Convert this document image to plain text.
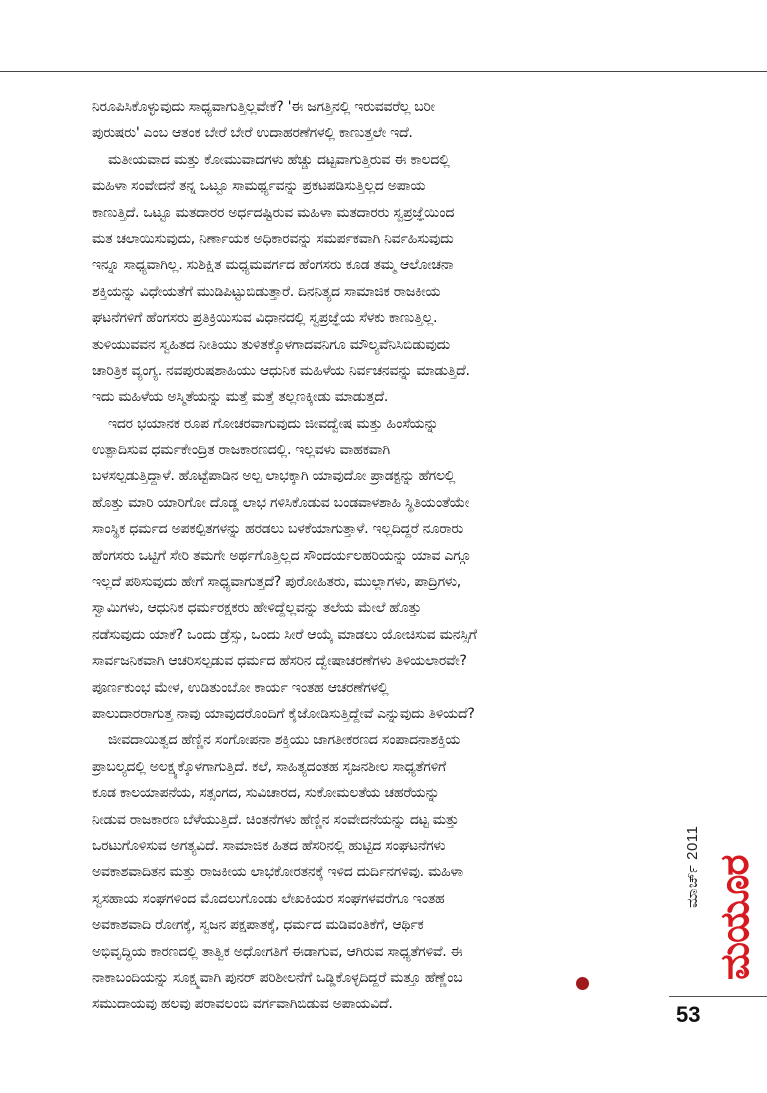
ನಿರೂಪಿಸಿಕೊಳ್ಳುವುದು ಸಾಧ್ಯವಾಗುತ್ತಿಲ್ಲವೇಕೆ? 'ಈ ಜಗತ್ತಿನಲ್ಲಿ ಇರುವವರೆಲ್ಲ ಬರೀ
ಪುರುಷರು' ಎಂಬ ಆತಂಕ ಬೇರೆ ಬೇರೆ ಉದಾಹರಣೆಗಳಲ್ಲಿ ಕಾಣುತ್ತಲೇ ಇದೆ.
ಮತೀಯವಾದ ಮತ್ತು ಕೋಮುವಾದಗಳು ಹೆಚ್ಚು ದಟ್ಟವಾಗುತ್ತಿರುವ ಈ ಕಾಲದಲ್ಲಿ
ಮಹಿಳಾ ಸಂವೇದನೆ ತನ್ನ ಒಟ್ಟೂ ಸಾಮರ್ಥ್ಯವನ್ನು ಪ್ರಕಟಪಡಿಸುತ್ತಿಲ್ಲದ ಅಪಾಯ
ಕಾಣುತ್ತಿದೆ. ಒಟ್ಟೂ ಮತದಾರರ ಅರ್ಧದಷ್ಟಿರುವ ಮಹಿಳಾ ಮತದಾರರು ಸ್ವಪ್ರಜ್ಞೆಯಿಂದ
ಮತ ಚಲಾಯಿಸುವುದು, ನಿರ್ಣಾಯಕ ಅಧಿಕಾರವನ್ನು ಸಮರ್ಪಕವಾಗಿ ನಿರ್ವಹಿಸುವುದು
ಇನ್ನೂ ಸಾಧ್ಯವಾಗಿಲ್ಲ. ಸುಶಿಕ್ಷಿತ ಮಧ್ಯಮವರ್ಗದ ಹೆಂಗಸರು ಕೂಡ ತಮ್ಮ ಆಲೋಚನಾ
ಶಕ್ತಿಯನ್ನು ವಿಧೇಯತೆಗೆ ಮುಡಿಪಿಟ್ಟುಬಿಡುತ್ತಾರೆ. ದಿನನಿತ್ಯದ ಸಾಮಾಜಿಕ ರಾಜಕೀಯ
ಘಟನೆಗಳಿಗೆ ಹೆಂಗಸರು ಪ್ರತಿಕ್ರಿಯಿಸುವ ವಿಧಾನದಲ್ಲಿ ಸ್ವಪ್ರಜ್ಞೆಯ ಸೆಳಕು ಕಾಣುತ್ತಿಲ್ಲ.
ತುಳಿಯುವವನ ಸ್ವಹಿತದ ನೀತಿಯು ತುಳಿತಕ್ಕೊಳಗಾದವನಿಗೂ ಮೌಲ್ಯವೆನಿಸಿಬಿಡುವುದು
ಚಾರಿತ್ರಿಕ ವ್ಯಂಗ್ಯ. ನವಪುರುಷಶಾಹಿಯು ಆಧುನಿಕ ಮಹಿಳೆಯ ನಿರ್ವಚನವನ್ನು ಮಾಡುತ್ತಿದೆ.
ಇದು ಮಹಿಳೆಯ ಅಸ್ಮಿತೆಯನ್ನು ಮತ್ತೆ ಮತ್ತೆ ತಲ್ಲಣಕ್ಕೀಡು ಮಾಡುತ್ತದೆ.
ಇದರ ಭಯಾನಕ ರೂಪ ಗೋಚರವಾಗುವುದು ಜೀವದ್ವೇಷ ಮತ್ತು ಹಿಂಸೆಯನ್ನು
ಉತ್ಪಾದಿಸುವ ಧರ್ಮಕೇಂದ್ರಿತ ರಾಜಕಾರಣದಲ್ಲಿ. ಇಲ್ಲವಳು ವಾಹಕವಾಗಿ
ಬಳಸಲ್ಪಡುತ್ತಿದ್ದಾಳೆ. ಹೊಟ್ಟೆಪಾಡಿನ ಅಲ್ಪ ಲಾಭಕ್ಕಾಗಿ ಯಾವುದೋ ಪ್ರಾಡಕ್ಟನ್ನು ಹೆಗಲಲ್ಲಿ
ಹೊತ್ತು ಮಾರಿ ಯಾರಿಗೋ ದೊಡ್ಡ ಲಾಭ ಗಳಿಸಿಕೊಡುವ ಬಂಡವಾಳಶಾಹಿ ಸ್ಥಿತಿಯಂತೆಯೇ
ಸಾಂಸ್ಥಿಕ ಧರ್ಮದ ಅಪಕಲ್ಪಿತಗಳನ್ನು ಹರಡಲು ಬಳಕೆಯಾಗುತ್ತಾಳೆ. ಇಲ್ಲದಿದ್ದರೆ ನೂರಾರು
ಹೆಂಗಸರು ಒಟ್ಟಿಗೆ ಸೇರಿ ತಮಗೇ ಅರ್ಥಗೊತ್ತಿಲ್ಲದ ಸೌಂದರ್ಯಲಹರಿಯನ್ನು ಯಾವ ಎಗ್ಗೂ
ಇಲ್ಲದೆ ಪಠಿಸುವುದು ಹೇಗೆ ಸಾಧ್ಯವಾಗುತ್ತದೆ? ಪುರೋಹಿತರು, ಮುಲ್ಲಾಗಳು, ಪಾದ್ರಿಗಳು,
ಸ್ವಾಮಿಗಳು, ಆಧುನಿಕ ಧರ್ಮರಕ್ಷಕರು ಹೇಳಿದ್ದೆಲ್ಲವನ್ನು ತಲೆಯ ಮೇಲೆ ಹೊತ್ತು
ನಡೆಸುವುದು ಯಾಕೆ? ಒಂದು ಡ್ರೆಸ್ಸು, ಒಂದು ಸೀರೆ ಆಯ್ಕೆ ಮಾಡಲು ಯೋಚಿಸುವ ಮನಸ್ಸಿಗೆ
ಸಾರ್ವಜನಿಕವಾಗಿ ಆಚರಿಸಲ್ಪಡುವ ಧರ್ಮದ ಹೆಸರಿನ ದ್ವೇಷಾಚರಣೆಗಳು ತಿಳಿಯಲಾರವೇ?
ಪೂರ್ಣಕುಂಭ ಮೇಳ, ಉಡಿತುಂಬೋ ಕಾರ್ಯ ಇಂತಹ ಆಚರಣೆಗಳಲ್ಲಿ
ಪಾಲುದಾರರಾಗುತ್ತ ನಾವು ಯಾವುದರೊಂದಿಗೆ ಕೈಜೋಡಿಸುತ್ತಿದ್ದೇವೆ ಎನ್ನುವುದು ತಿಳಿಯದೆ?
ಜೀವದಾಯಿತ್ವದ ಹೆಣ್ಣಿನ ಸಂಗೋಪನಾ ಶಕ್ತಿಯು ಜಾಗತೀಕರಣದ ಸಂಪಾದನಾಶಕ್ತಿಯ
ಪ್ರಾಬಲ್ಯದಲ್ಲಿ ಅಲಕ್ಷ್ಯಕ್ಕೊಳಗಾಗುತ್ತಿದೆ. ಕಲೆ, ಸಾಹಿತ್ಯದಂತಹ ಸೃಜನಶೀಲ ಸಾಧ್ಯತೆಗಳಿಗೆ
ಕೂಡ ಕಾಲಯಾಪನೆಯ, ಸತ್ಸಂಗದ, ಸುವಿಚಾರದ, ಸುಕೋಮಲತೆಯ ಚಹರೆಯನ್ನು
ನೀಡುವ ರಾಜಕಾರಣ ಬೆಳೆಯುತ್ತಿದೆ. ಚಿಂತನೆಗಳು ಹೆಣ್ಣಿನ ಸಂವೇದನೆಯನ್ನು ದಟ್ಟ ಮತ್ತು
ಒರಟುಗೊಳಿಸುವ ಅಗತ್ಯವಿದೆ. ಸಾಮಾಜಿಕ ಹಿತದ ಹೆಸರಿನಲ್ಲಿ ಹುಟ್ಟಿದ ಸಂಘಟನೆಗಳು
ಅವಕಾಶವಾದಿತನ ಮತ್ತು ರಾಜಕೀಯ ಲಾಭಕೋರತನಕ್ಕೆ ಇಳಿದ ದುರ್ದಿನಗಳಿವು. ಮಹಿಳಾ
ಸ್ವಸಹಾಯ ಸಂಘಗಳಿಂದ ಮೊದಲುಗೊಂಡು ಲೇಖಕಿಯರ ಸಂಘಗಳವರೆಗೂ ಇಂತಹ
ಅವಕಾಶವಾದಿ ರೋಗಕ್ಕೆ, ಸ್ವಜನ ಪಕ್ಷಪಾತಕ್ಕೆ, ಧರ್ಮದ ಮಡಿವಂತಿಕೆಗೆ, ಆರ್ಥಿಕ
ಅಭಿವೃದ್ಧಿಯ ಕಾರಣದಲ್ಲಿ ತಾತ್ವಿಕ ಅಧೋಗತಿಗೆ ಈಡಾಗುವ, ಆಗಿರುವ ಸಾಧ್ಯತೆಗಳಿವೆ. ಈ
ನಾಕಾಬಂದಿಯನ್ನು ಸೂಕ್ಷ್ಮವಾಗಿ ಪುನರ್ ಪರಿಶೀಲನೆಗೆ ಒಡ್ಡಿಕೊಳ್ಳದಿದ್ದರೆ ಮತ್ತೂ ಹೆಣ್ಣೆಂಬ
ಸಮುದಾಯವು ಹಲವು ಪರಾವಲಂಬಿ ವರ್ಗವಾಗಿಬಿಡುವ ಅಪಾಯವಿದೆ.
ಮಾರ್ಚ್ 2011 ಮಯೂರ
53
